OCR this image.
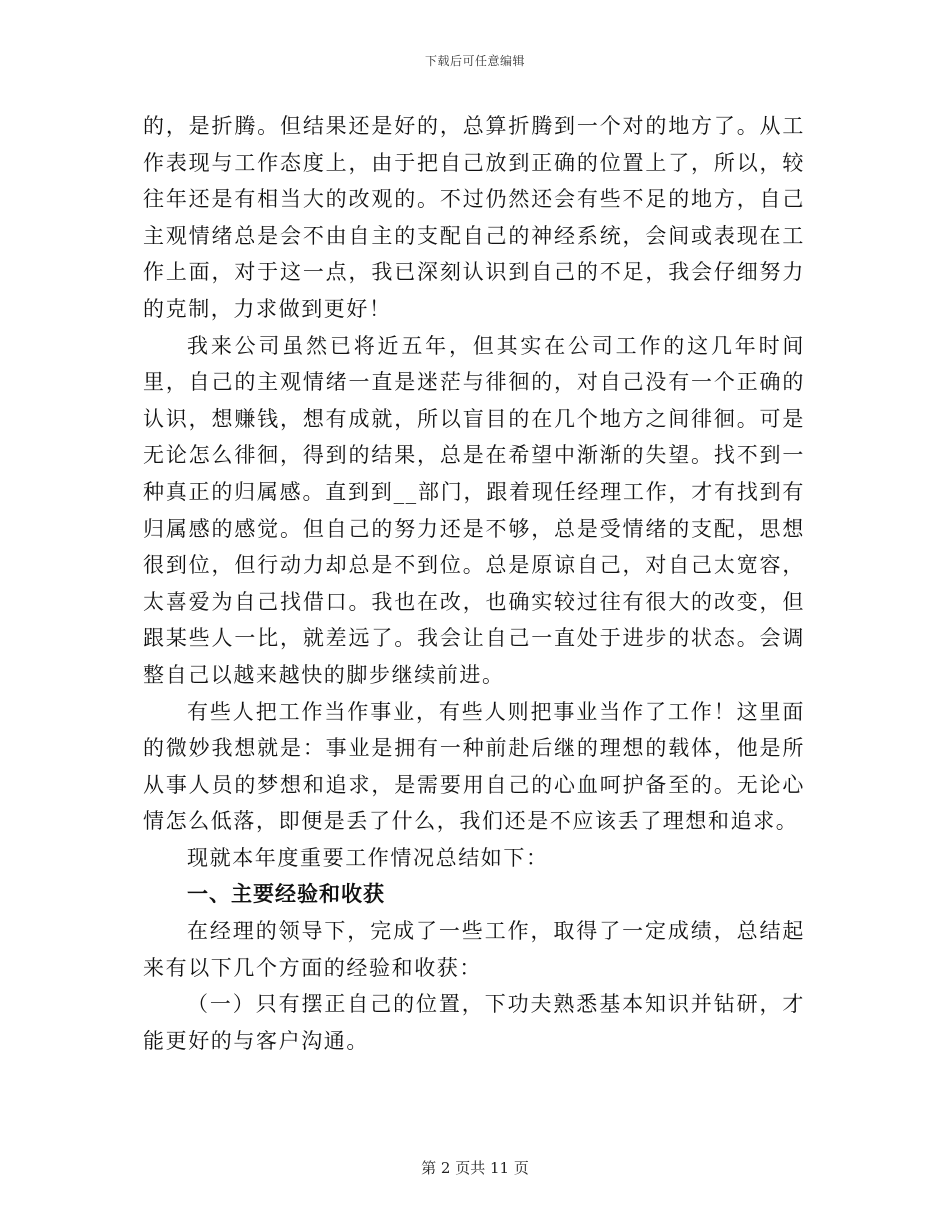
下载后可任意编辑

的，是折腾。但结果还是好的，总算折腾到一个对的地方了。从工作表现与工作态度上，由于把自己放到正确的位置上了，所以，较往年还是有相当大的改观的。不过仍然还会有些不足的地方，自己主观情绪总是会不由自主的支配自己的神经系统，会间或表现在工作上面，对于这一点，我已深刻认识到自己的不足，我会仔细努力的克制，力求做到更好！

我来公司虽然已将近五年，但其实在公司工作的这几年时间里，自己的主观情绪一直是迷茫与徘徊的，对自己没有一个正确的认识，想赚钱，想有成就，所以盲目的在几个地方之间徘徊。可是无论怎么徘徊，得到的结果，总是在希望中渐渐的失望。找不到一种真正的归属感。直到到__部门，跟着现任经理工作，才有找到有归属感的感觉。但自己的努力还是不够，总是受情绪的支配，思想很到位，但行动力却总是不到位。总是原谅自己，对自己太宽容，太喜爱为自己找借口。我也在改，也确实较过往有很大的改变，但跟某些人一比，就差远了。我会让自己一直处于进步的状态。会调整自己以越来越快的脚步继续前进。

有些人把工作当作事业，有些人则把事业当作了工作！这里面的微妙我想就是：事业是拥有一种前赴后继的理想的载体，他是所从事人员的梦想和追求，是需要用自己的心血呵护备至的。无论心情怎么低落，即便是丢了什么，我们还是不应该丢了理想和追求。

现就本年度重要工作情况总结如下：

一、主要经验和收获

在经理的领导下，完成了一些工作，取得了一定成绩，总结起来有以下几个方面的经验和收获：

（一）只有摆正自己的位置，下功夫熟悉基本知识并钻研，才能更好的与客户沟通。

第 2 页共 11 页
